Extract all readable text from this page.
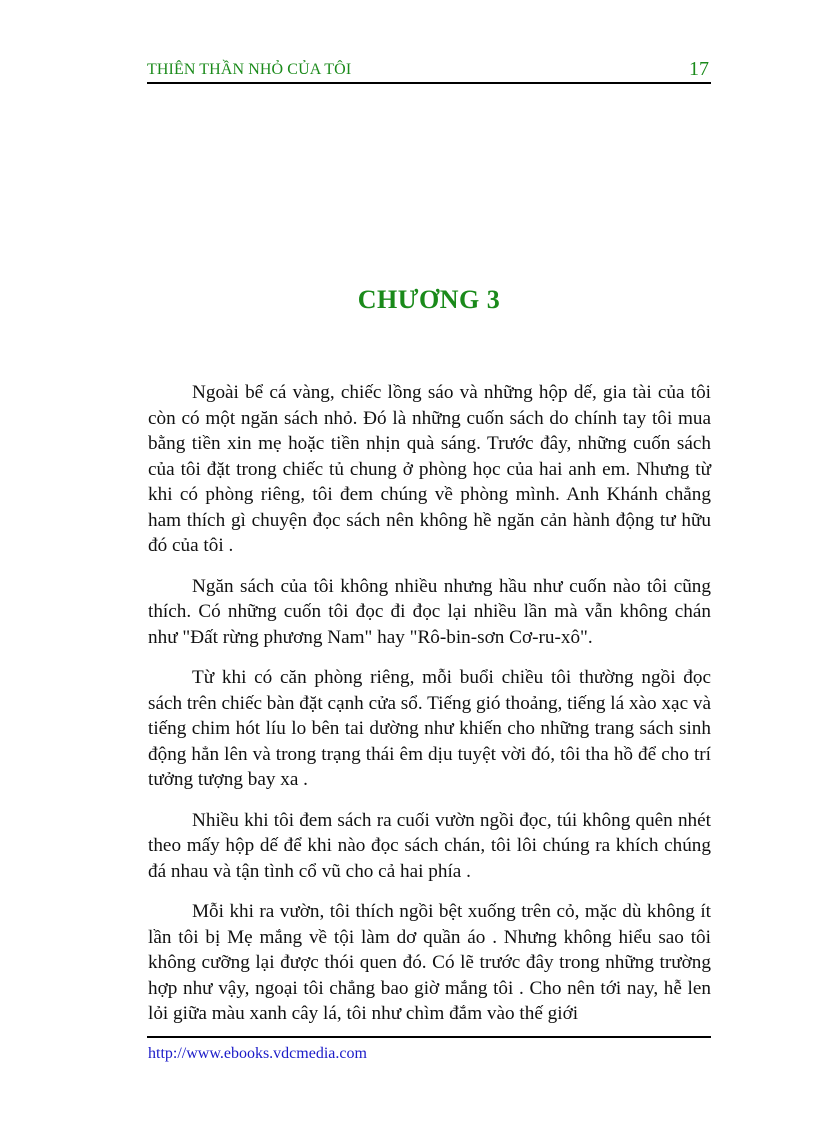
THIÊN THẦN NHỎ CỦA TÔI	17
CHƯƠNG 3

Ngoài bể cá vàng, chiếc lồng sáo và những hộp dế, gia tài của tôi còn có một ngăn sách nhỏ. Đó là những cuốn sách do chính tay tôi mua bằng tiền xin mẹ hoặc tiền nhịn quà sáng. Trước đây, những cuốn sách của tôi đặt trong chiếc tủ chung ở phòng học của hai anh em. Nhưng từ khi có phòng riêng, tôi đem chúng về phòng mình. Anh Khánh chẳng ham thích gì chuyện đọc sách nên không hề ngăn cản hành động tư hữu đó của tôi .

Ngăn sách của tôi không nhiều nhưng hầu như cuốn nào tôi cũng thích. Có những cuốn tôi đọc đi đọc lại nhiều lần mà vẫn không chán như "Đất rừng phương Nam" hay "Rô-bin-sơn Cơ-ru-xô".

Từ khi có căn phòng riêng, mỗi buổi chiều tôi thường ngồi đọc sách trên chiếc bàn đặt cạnh cửa sổ. Tiếng gió thoảng, tiếng lá xào xạc và tiếng chim hót líu lo bên tai dường như khiến cho những trang sách sinh động hẳn lên và trong trạng thái êm dịu tuyệt vời đó, tôi tha hồ để cho trí tưởng tượng bay xa .

Nhiều khi tôi đem sách ra cuối vườn ngồi đọc, túi không quên nhét theo mấy hộp dế để khi nào đọc sách chán, tôi lôi chúng ra khích chúng đá nhau và tận tình cổ vũ cho cả hai phía .

Mỗi khi ra vườn, tôi thích ngồi bệt xuống trên cỏ, mặc dù không ít lần tôi bị Mẹ mắng về tội làm dơ quần áo . Nhưng không hiểu sao tôi không cưỡng lại được thói quen đó. Có lẽ trước đây trong những trường hợp như vậy, ngoại tôi chẳng bao giờ mắng tôi . Cho nên tới nay, hễ len lỏi giữa màu xanh cây lá, tôi như chìm đắm vào thế giới

http://www.ebooks.vdcmedia.com
